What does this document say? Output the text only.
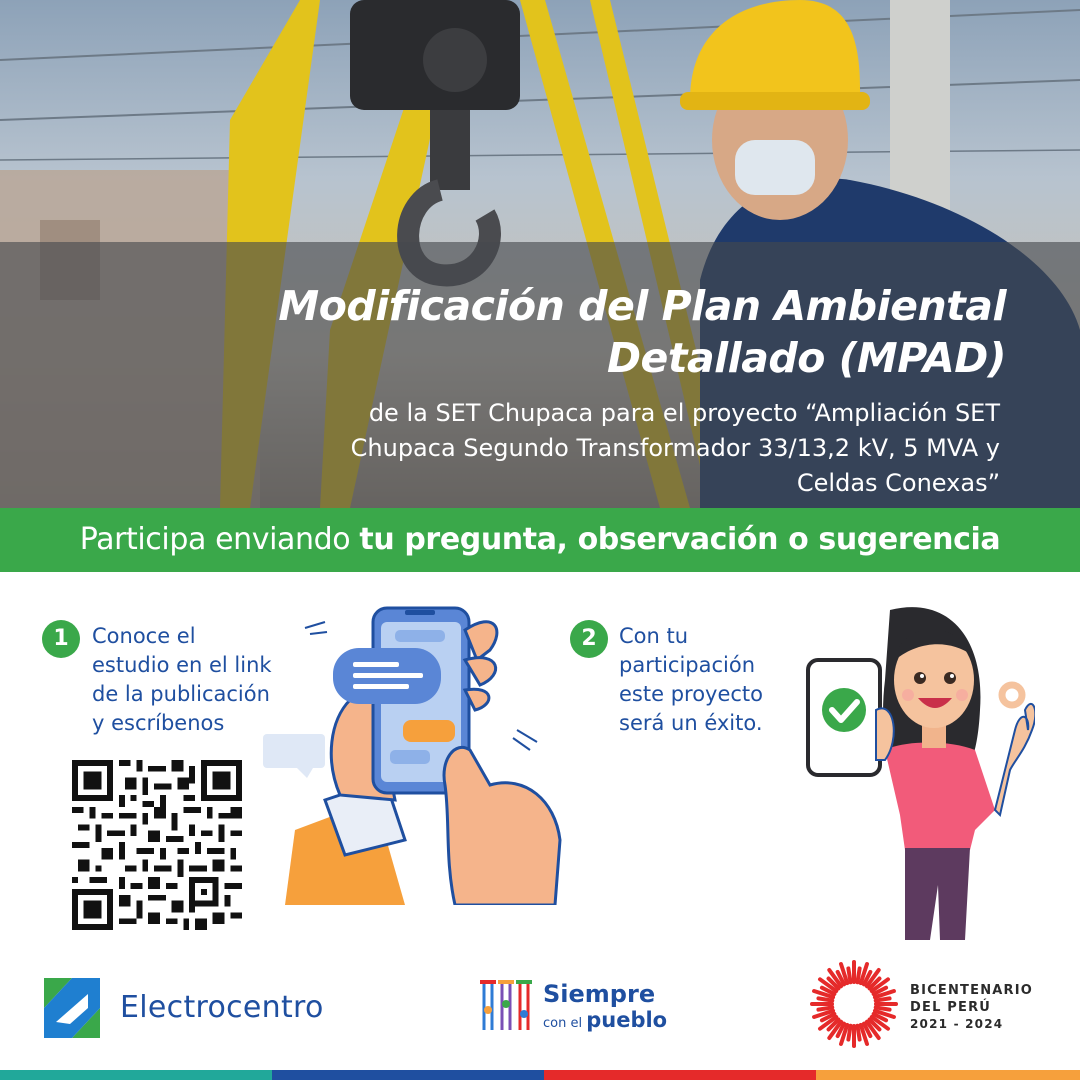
Modificación del Plan Ambiental
Detallado (MPAD)
de la SET Chupaca para el proyecto “Ampliación SET
Chupaca Segundo Transformador 33/13,2 kV, 5 MVA y
Celdas Conexas”
Participa enviando tu pregunta, observación o sugerencia
1	Conoce el
estudio en el link
de la publicación
y escríbenos
2	Con tu
participación
este proyecto
será un éxito.
Electrocentro	Siempre
con el pueblo
BICENTENARIO
DEL PERÚ
2021 - 2024
